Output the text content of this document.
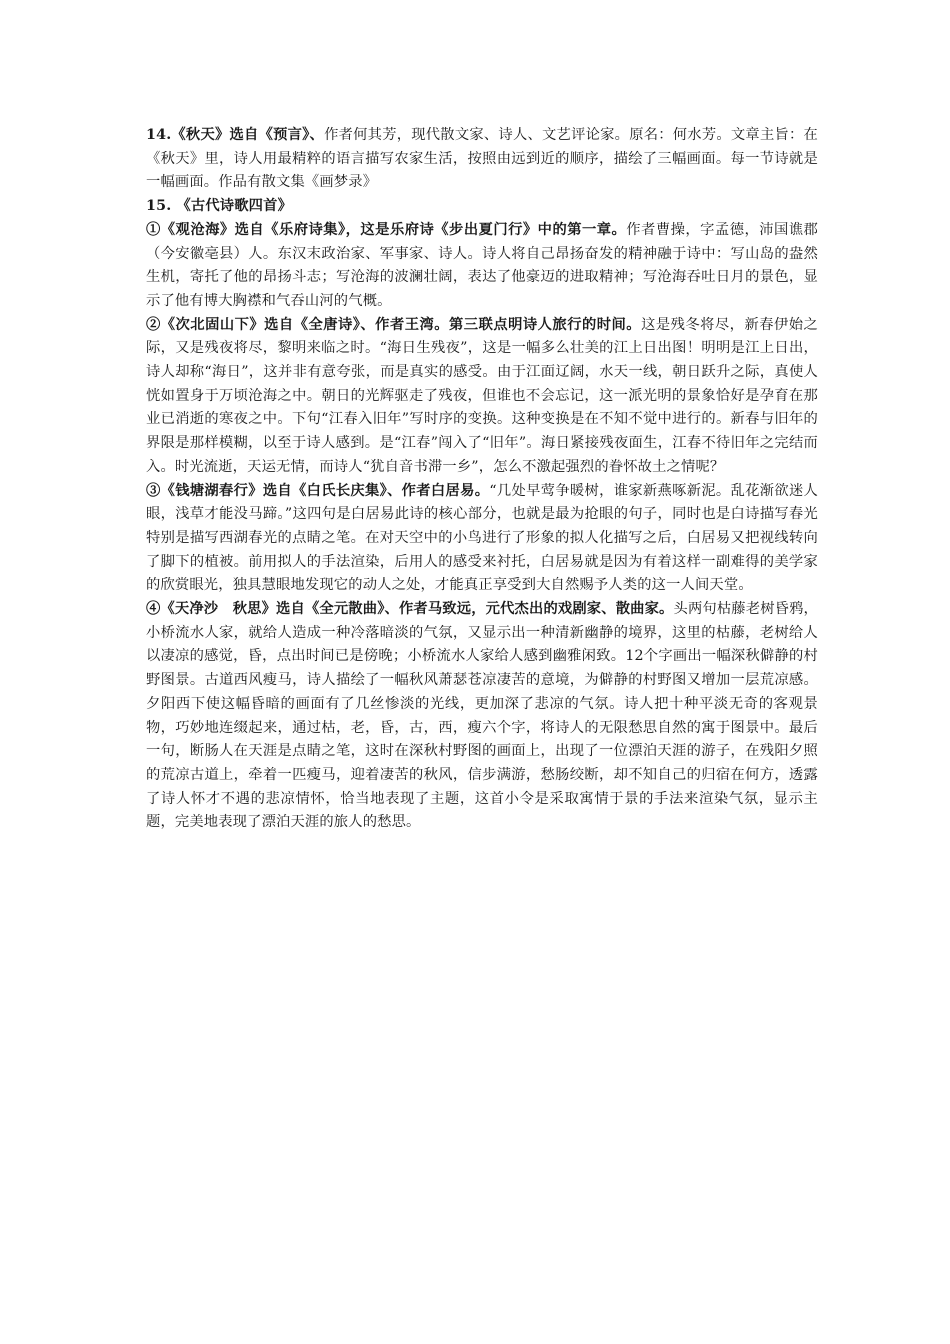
14.《秋天》选自《预言》、作者何其芳，现代散文家、诗人、文艺评论家。原名：何水芳。文章主旨：在《秋天》里，诗人用最精粹的语言描写农家生活，按照由远到近的顺序，描绘了三幅画面。每一节诗就是一幅画面。作品有散文集《画梦录》

15. 《古代诗歌四首》

①《观沧海》选自《乐府诗集》，这是乐府诗《步出夏门行》中的第一章。作者曹操，字孟德，沛国谯郡（今安徽亳县）人。东汉末政治家、军事家、诗人。诗人将自己昂扬奋发的精神融于诗中：写山岛的盎然生机，寄托了他的昂扬斗志；写沧海的波澜壮阔，表达了他豪迈的进取精神；写沧海吞吐日月的景色，显示了他有博大胸襟和气吞山河的气概。

②《次北固山下》选自《全唐诗》、作者王湾。第三联点明诗人旅行的时间。这是残冬将尽，新春伊始之际，又是残夜将尽，黎明来临之时。“海日生残夜”，这是一幅多么壮美的江上日出图！明明是江上日出，诗人却称“海日”，这并非有意夸张，而是真实的感受。由于江面辽阔，水天一线，朝日跃升之际，真使人恍如置身于万顷沧海之中。朝日的光辉驱走了残夜，但谁也不会忘记，这一派光明的景象恰好是孕育在那业已消逝的寒夜之中。下句“江春入旧年”写时序的变换。这种变换是在不知不觉中进行的。新春与旧年的界限是那样模糊，以至于诗人感到。是“江春”闯入了“旧年”。海日紧接残夜面生，江春不待旧年之完结而入。时光流逝，天运无情，而诗人“犹自音书滞一乡”，怎么不激起强烈的眷怀故土之情呢？

③《钱塘湖春行》选自《白氏长庆集》、作者白居易。“几处早莺争暖树，谁家新燕啄新泥。乱花渐欲迷人眼，浅草才能没马蹄。”这四句是白居易此诗的核心部分，也就是最为抢眼的句子，同时也是白诗描写春光特别是描写西湖春光的点睛之笔。在对天空中的小鸟进行了形象的拟人化描写之后，白居易又把视线转向了脚下的植被。前用拟人的手法渲染，后用人的感受来衬托，白居易就是因为有着这样一副难得的美学家的欣赏眼光，独具慧眼地发现它的动人之处，才能真正享受到大自然赐予人类的这一人间天堂。

④《天净沙　秋思》选自《全元散曲》、作者马致远，元代杰出的戏剧家、散曲家。头两句枯藤老树昏鸦，小桥流水人家，就给人造成一种冷落暗淡的气氛，又显示出一种清新幽静的境界，这里的枯藤，老树给人以凄凉的感觉，昏，点出时间已是傍晚；小桥流水人家给人感到幽雅闲致。12个字画出一幅深秋僻静的村野图景。古道西风瘦马，诗人描绘了一幅秋风萧瑟苍凉凄苦的意境，为僻静的村野图又增加一层荒凉感。夕阳西下使这幅昏暗的画面有了几丝惨淡的光线，更加深了悲凉的气氛。诗人把十种平淡无奇的客观景物，巧妙地连缀起来，通过枯，老，昏，古，西，瘦六个字，将诗人的无限愁思自然的寓于图景中。最后一句，断肠人在天涯是点睛之笔，这时在深秋村野图的画面上，出现了一位漂泊天涯的游子，在残阳夕照的荒凉古道上，牵着一匹瘦马，迎着凄苦的秋风，信步满游，愁肠绞断，却不知自己的归宿在何方，透露了诗人怀才不遇的悲凉情怀，恰当地表现了主题，这首小令是采取寓情于景的手法来渲染气氛，显示主题，完美地表现了漂泊天涯的旅人的愁思。
